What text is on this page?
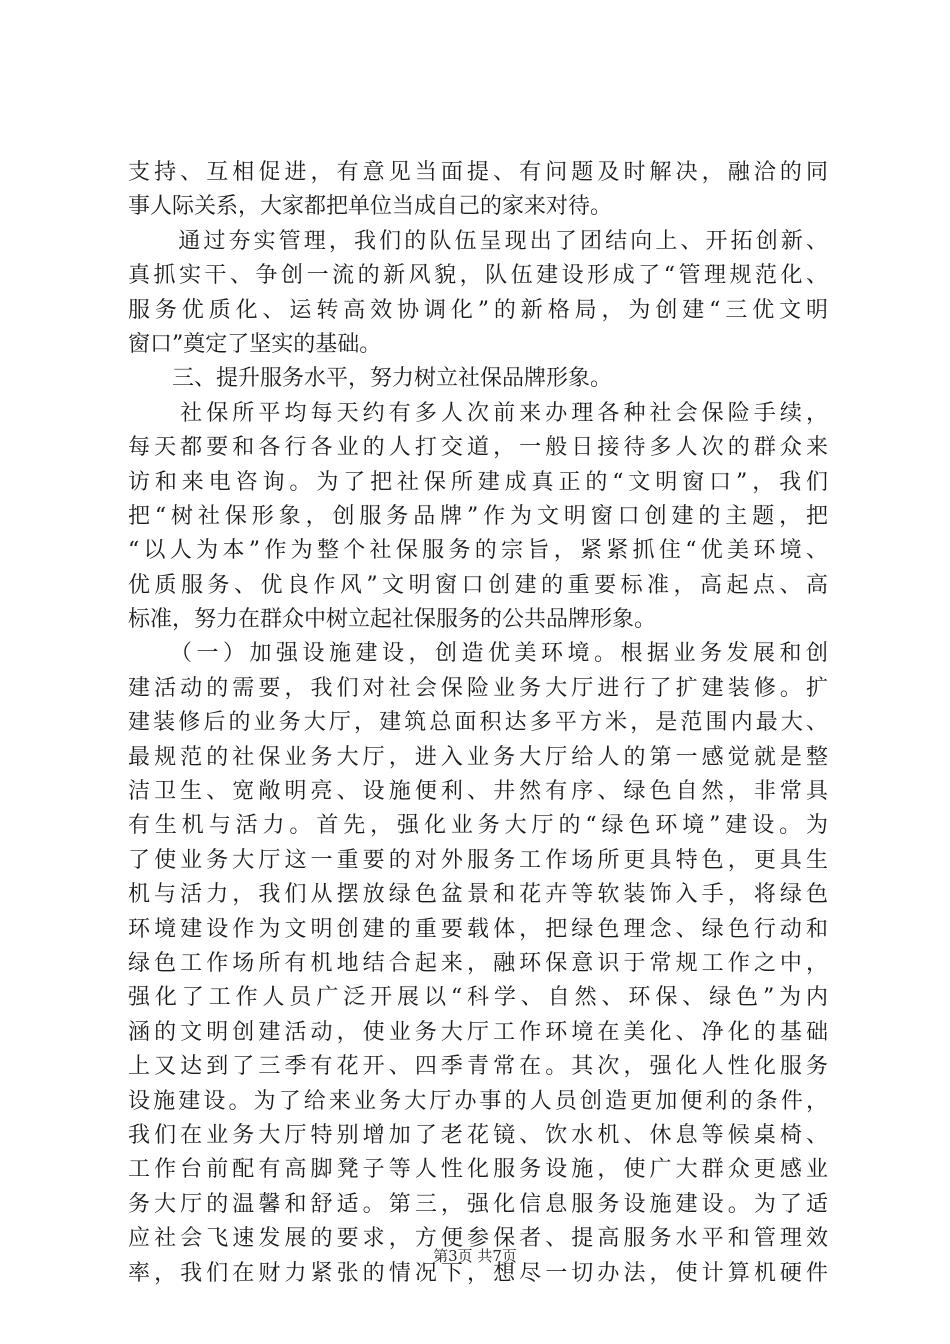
支持、互相促进，有意见当面提、有问题及时解决，融洽的同
事人际关系，大家都把单位当成自己的家来对待。
　　通过夯实管理，我们的队伍呈现出了团结向上、开拓创新、
真抓实干、争创一流的新风貌，队伍建设形成了“管理规范化、
服务优质化、运转高效协调化”的新格局，为创建“三优文明
窗口”奠定了坚实的基础。
　　三、提升服务水平，努力树立社保品牌形象。
　　社保所平均每天约有多人次前来办理各种社会保险手续，
每天都要和各行各业的人打交道，一般日接待多人次的群众来
访和来电咨询。为了把社保所建成真正的“文明窗口”，我们
把“树社保形象，创服务品牌”作为文明窗口创建的主题，把
“以人为本”作为整个社保服务的宗旨，紧紧抓住“优美环境、
优质服务、优良作风”文明窗口创建的重要标准，高起点、高
标准，努力在群众中树立起社保服务的公共品牌形象。
　　（一）加强设施建设，创造优美环境。根据业务发展和创
建活动的需要，我们对社会保险业务大厅进行了扩建装修。扩
建装修后的业务大厅，建筑总面积达多平方米，是范围内最大、
最规范的社保业务大厅，进入业务大厅给人的第一感觉就是整
洁卫生、宽敞明亮、设施便利、井然有序、绿色自然，非常具
有生机与活力。首先，强化业务大厅的“绿色环境”建设。为
了使业务大厅这一重要的对外服务工作场所更具特色，更具生
机与活力，我们从摆放绿色盆景和花卉等软装饰入手，将绿色
环境建设作为文明创建的重要载体，把绿色理念、绿色行动和
绿色工作场所有机地结合起来，融环保意识于常规工作之中，
强化了工作人员广泛开展以“科学、自然、环保、绿色”为内
涵的文明创建活动，使业务大厅工作环境在美化、净化的基础
上又达到了三季有花开、四季青常在。其次，强化人性化服务
设施建设。为了给来业务大厅办事的人员创造更加便利的条件，
我们在业务大厅特别增加了老花镜、饮水机、休息等候桌椅、
工作台前配有高脚凳子等人性化服务设施，使广大群众更感业
务大厅的温馨和舒适。第三，强化信息服务设施建设。为了适
应社会飞速发展的要求，方便参保者、提高服务水平和管理效
率，我们在财力紧张的情况下，想尽一切办法，使计算机硬件
第3页 共7页
